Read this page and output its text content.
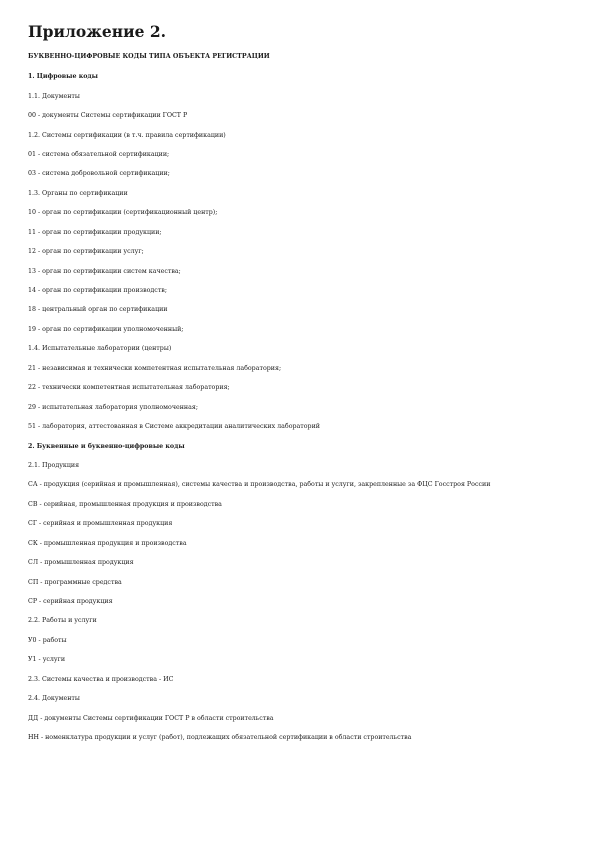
Приложение 2.
БУКВЕННО-ЦИФРОВЫЕ КОДЫ ТИПА ОБЪЕКТА РЕГИСТРАЦИИ
1. Цифровые коды
1.1. Документы
00 - документы Системы сертификации ГОСТ Р
1.2. Системы сертификации (в т.ч. правила сертификации)
01 - система обязательной сертификации;
03 - система добровольной сертификации;
1.3. Органы по сертификации
10 - орган по сертификации (сертификационный центр);
11 - орган по сертификации продукции;
12 - орган по сертификации услуг;
13 - орган по сертификации систем качества;
14 - орган по сертификации производств;
18 - центральный орган по сертификации
19 - орган по сертификации уполномоченный;
1.4. Испытательные лаборатории (центры)
21 - независимая и технически компетентная испытательная лаборатория;
22 - технически компетентная испытательная лаборатория;
29 - испытательная лаборатория уполномоченная;
51 - лаборатория, аттестованная в Системе аккредитации аналитических лабораторий
2. Буквенные и буквенно-цифровые коды
2.1. Продукция
СА - продукция (серийная и промышленная), системы качества и производства, работы и услуги, закрепленные за ФЦС Госстроя России
СВ - серийная, промышленная продукция и производства
СГ - серийная и промышленная продукция
СК - промышленная продукция и производства
СЛ - промышленная продукция
СП - программные средства
СР - серийная продукция
2.2. Работы и услуги
У0 - работы
У1 - услуги
2.3. Системы качества и производства - ИС
2.4. Документы
ДД - документы Системы сертификации ГОСТ Р в области строительства
НН - номенклатура продукции и услуг (работ), подлежащих обязательной сертификации в области строительства
